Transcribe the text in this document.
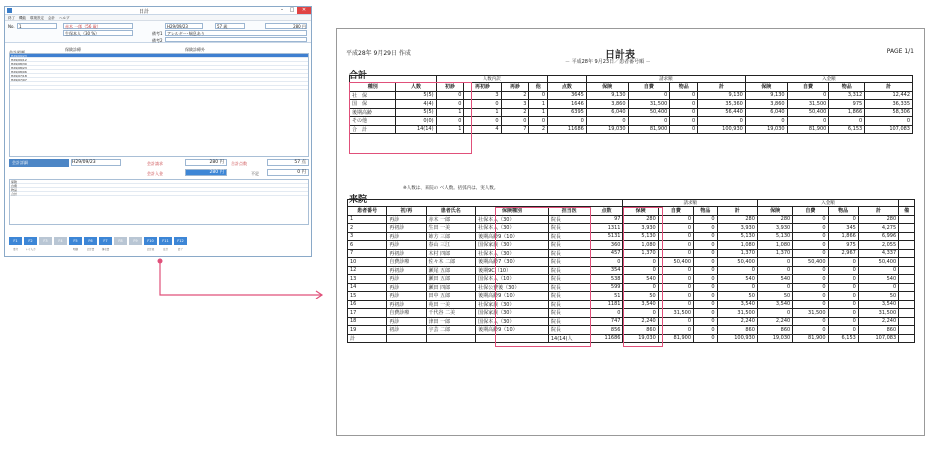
日計	–	□	✕
終了 機能 環境設定 会計 ヘルプ
No.	1	赤木 一郎（56 歳）
生保本人（30 %）
H29/09/23	57 歳	280 円
備考1	アレルギー･喘息あり
備考2
保険診療	保険診療外
H29/09/23
H29/09/12
H29/08/30
H29/08/23
H29/08/06
H29/07/18
H29/07/07
会計詳細	H29/09/23	会計請求	280 円	合計点数	57 点
会計入金	280 円	不足	0 円
保険
自費
物品
合計
F1	F2	F3	F4	F5	F6	F7	F8	F9	F10	F11	F12
受付	レセ入力	明細	会計書	領収書	会計表	日計	終了
平成28年 9月29日 作成	日計表
－ 平成28年 9月23日／患者番号順 －
PAGE 1/1
合計
		人数内訳					請求額				入金額			
種別	人数	初診	再初診	再診	他	点数	保険	自費	物品	計	保険	自費	物品	計
社　保	5(5)	0	3	2	0	3645	9,130	0	0	9,130	9,130	0	3,312	12,442
国　保	4(4)	0	0	3	1	1646	3,860	31,500	0	35,360	3,860	31,500	975	36,335
後期高齢	5(5)	1	1	2	1	6395	6,040	50,400	0	56,440	6,040	50,400	1,866	58,306
その他	0(0)	0	0	0	0	0	0	0	0	0	0	0	0	0
合　計	14(14)	1	4	7	2	11686	19,030	81,900	0	100,930	19,030	81,900	6,153	107,083
※人数は、来院の べ人数。括弧内は、実人数。
来院
						請求額				入金額				
患者番号	初/再	患者氏名	保険種別	担当医	点数	保険	自費	物品	計	保険	自費	物品	計	備
1	再診	赤木 一郎	社保本人（30）	院長	97	280	0	0	280	280	0	0	280	
2	再初診	生田 一美	社保本人（30）	院長	1311	3,930	0	0	3,930	3,930	0	345	4,275	
3	再診	姉方 三郎	後期高齢9（10）	院長	5131	5,130	0	0	5,130	5,130	0	1,866	6,996	
6	再診	春山 三江	国保家族（30）	院長	360	1,080	0	0	1,080	1,080	0	975	2,055	
7	再初診	木村 四郎	社保本人（30）	院長	457	1,370	0	0	1,370	1,370	0	2,967	4,337	
10	自費診療	佐々木 二郎	後期高齢7（30）	院長	0	0	50,400	0	50,400	0	50,400	0	50,400	
12	再初診	瀬尾 五郎	後期9C（10）	院長	354	0	0	0	0	0	0	0	0	
13	再診	瀬田 五郎	国保本人（10）	院長	538	540	0	0	540	540	0	0	540	
14	再診	瀬田 四郎	社保公費後（30）	院長	599	0	0	0	0	0	0	0	0	
15	再診	田中 五郎	後期高齢9（10）	院長	51	50	0	0	50	50	0	0	50	
16	再初診	苑田 一美	社保家族（30）	院長	1181	3,540	0	0	3,540	3,540	0	0	3,540	
17	自費診療	千代谷 二美	国保家族（30）	院長	0	0	31,500	0	31,500	0	31,500	0	31,500	
18	再診	津田 一郎	国保本人（30）	院長	747	2,240	0	0	2,240	2,240	0	0	2,240	
19	初診	宇芸 二郎	後期高齢9（10）	院長	856	860	0	0	860	860	0	0	860	
計				14(14)人	11686	19,030	81,900	0	100,930	19,030	81,900	6,153	107,083	
